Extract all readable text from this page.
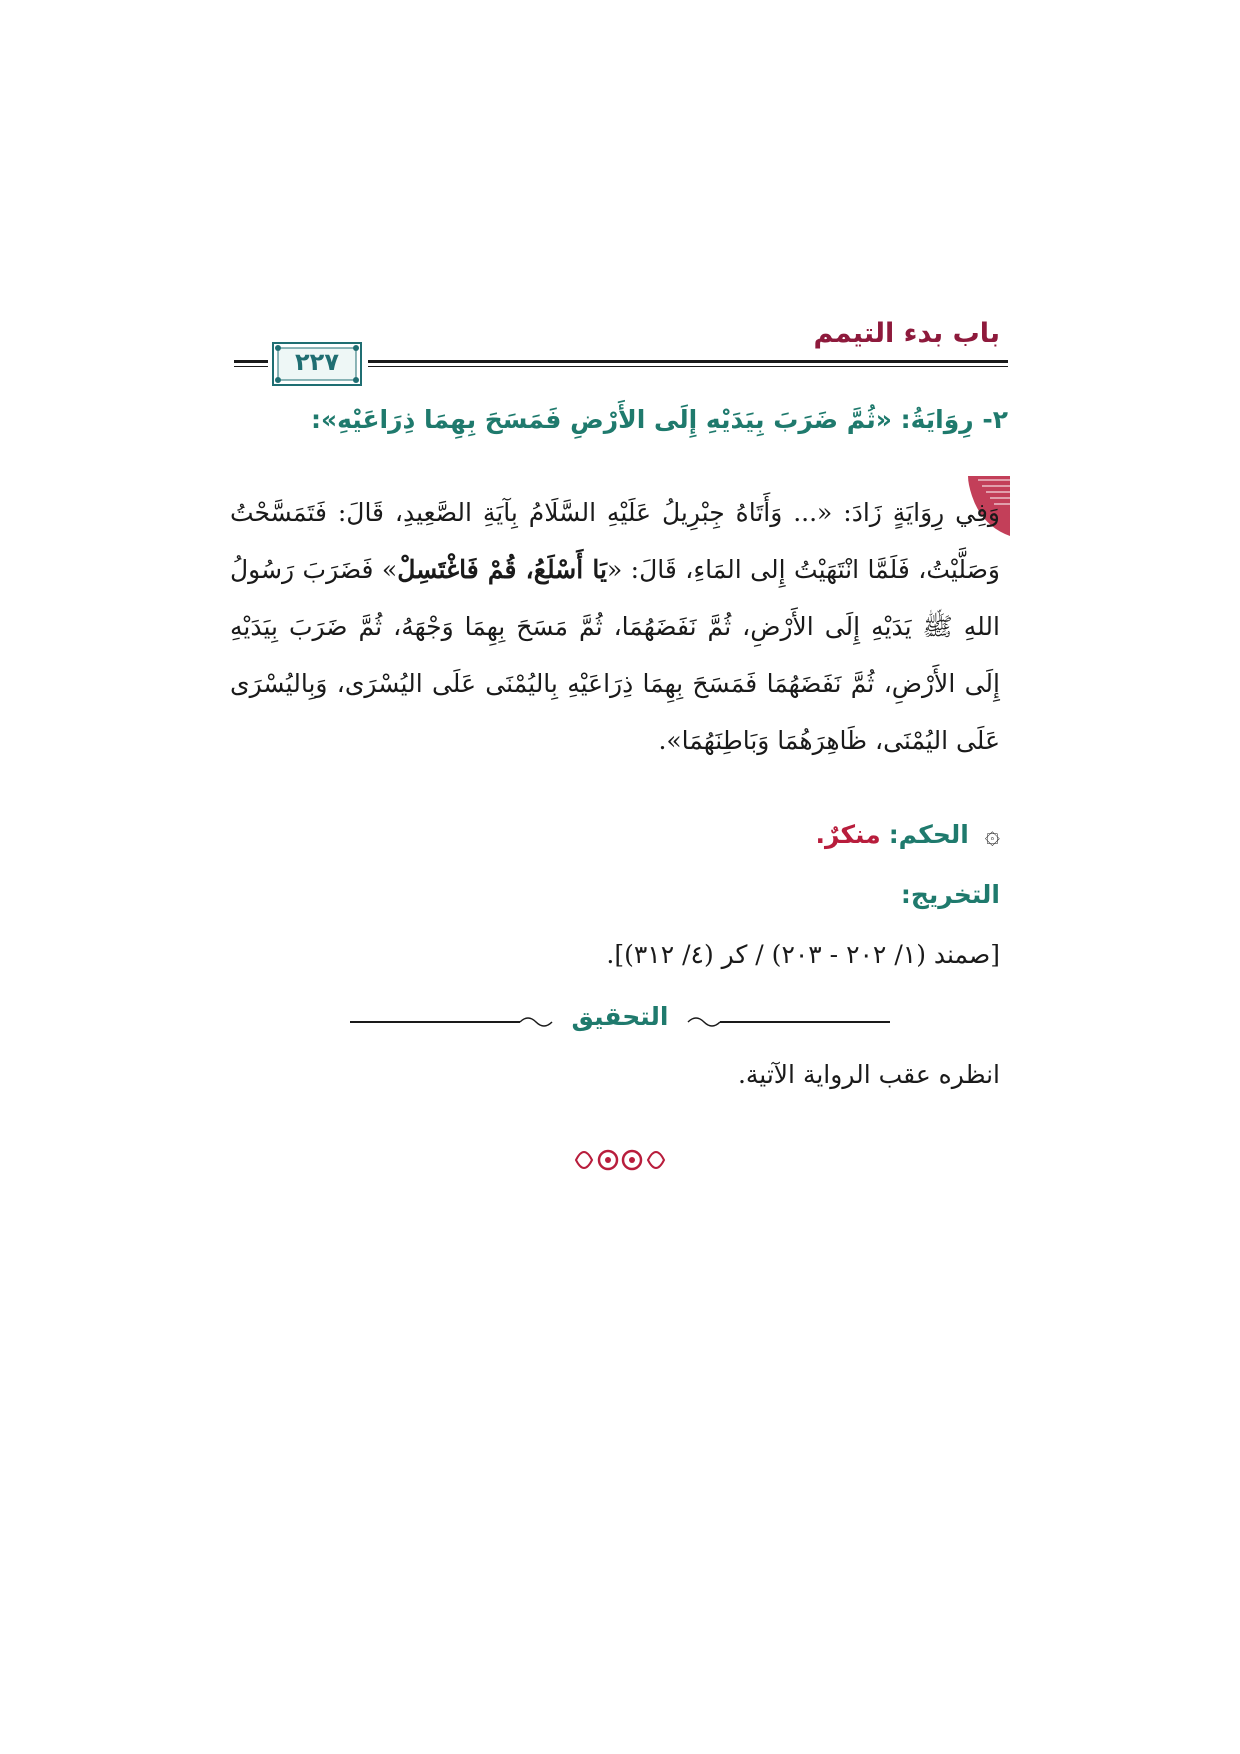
باب بدء التيمم
٢٢٧
٢- رِوَايَةُ: «ثُمَّ ضَرَبَ بِيَدَيْهِ إِلَى الأَرْضِ فَمَسَحَ بِهِمَا ذِرَاعَيْهِ»:
وَفِي رِوَايَةٍ زَادَ: «... وَأَتَاهُ جِبْرِيلُ عَلَيْهِ السَّلَامُ بِآيَةِ الصَّعِيدِ، قَالَ: فَتَمَسَّحْتُ وَصَلَّيْتُ، فَلَمَّا انْتَهَيْتُ إِلى المَاءِ، قَالَ: «يَا أَسْلَعُ، قُمْ فَاغْتَسِلْ» فَضَرَبَ رَسُولُ اللهِ ﷺ يَدَيْهِ إِلَى الأَرْضِ، ثُمَّ نَفَضَهُمَا، ثُمَّ مَسَحَ بِهِمَا وَجْهَهُ، ثُمَّ ضَرَبَ بِيَدَيْهِ إِلَى الأَرْضِ، ثُمَّ نَفَضَهُمَا فَمَسَحَ بِهِمَا ذِرَاعَيْهِ بِاليُمْنَى عَلَى اليُسْرَى، وَبِاليُسْرَى عَلَى اليُمْنَى، ظَاهِرَهُمَا وَبَاطِنَهُمَا».
۞ الحكم: منكرٌ.
التخريج:
[صمند (١/ ٢٠٢ - ٢٠٣) / كر (٤/ ٣١٢)].
التحقيق
انظره عقب الرواية الآتية.
